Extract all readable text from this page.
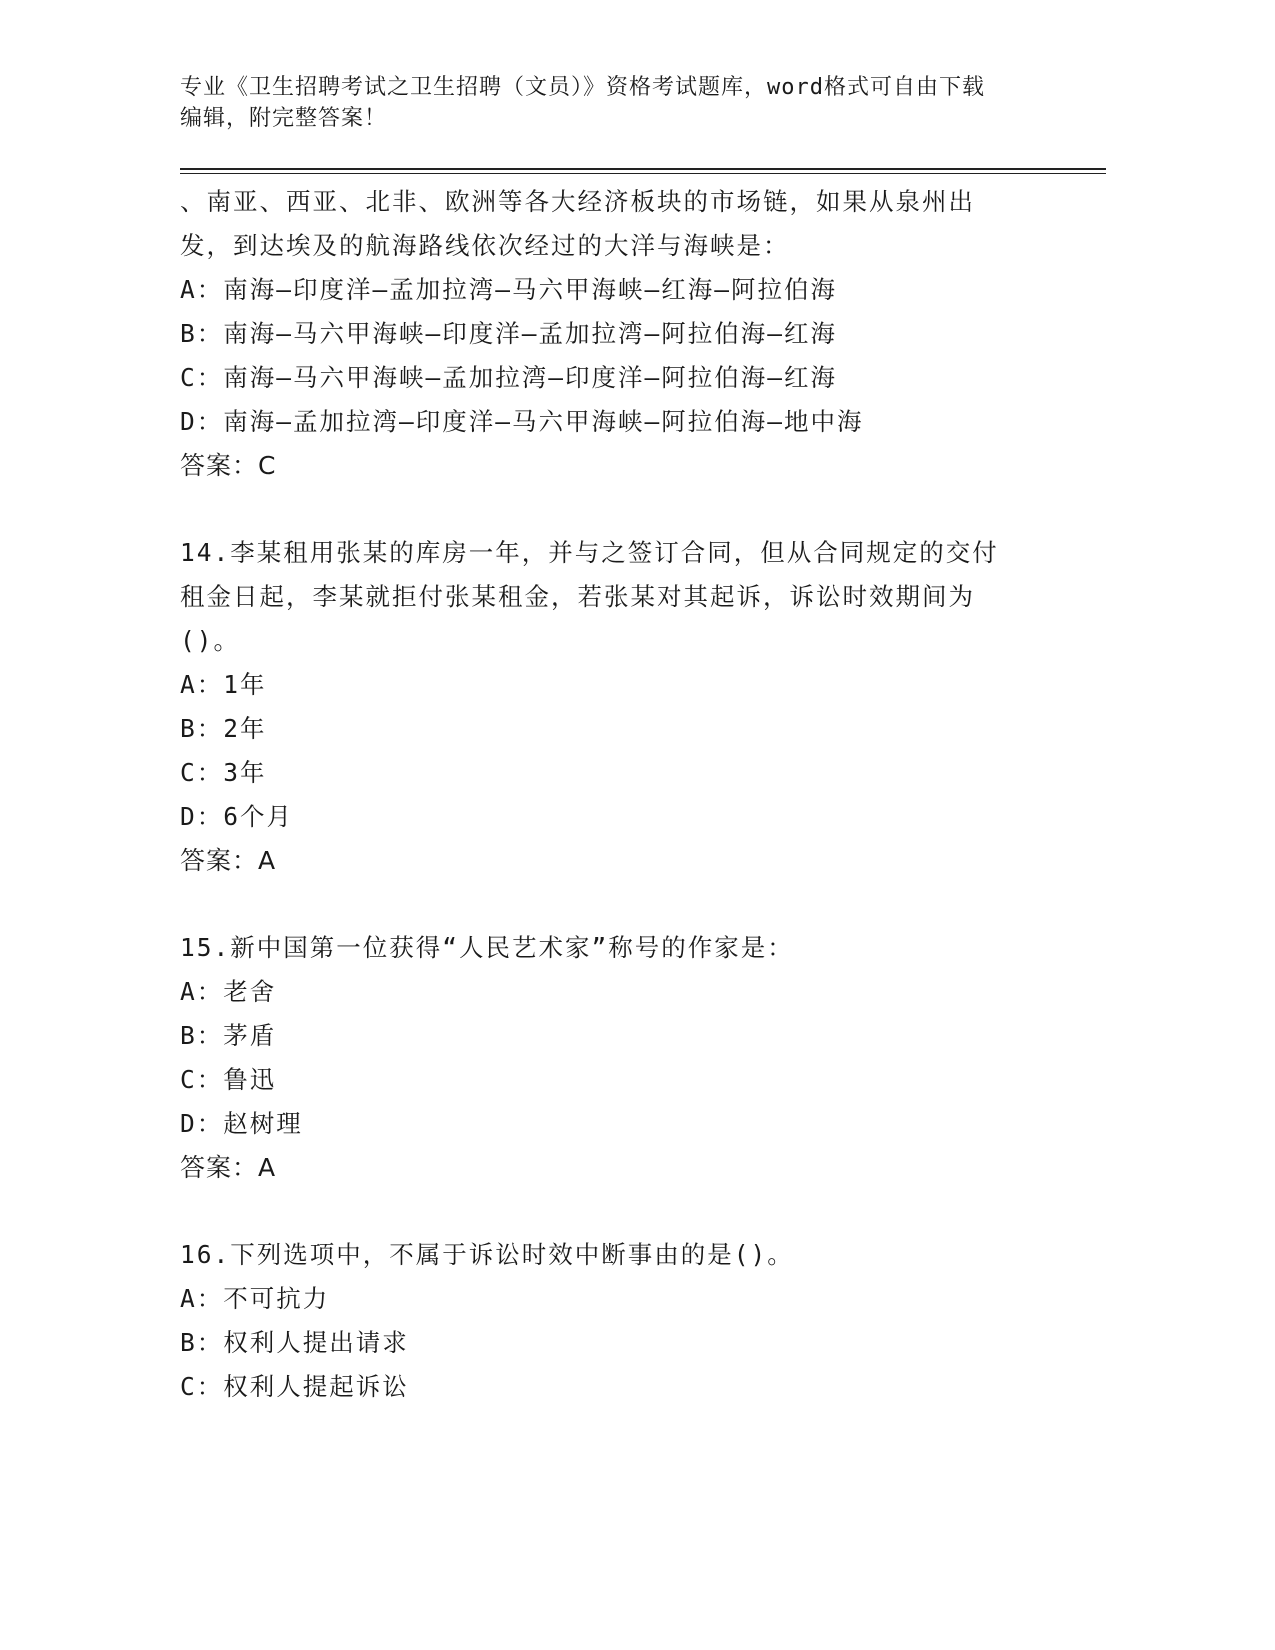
专业《卫生招聘考试之卫生招聘（文员）》资格考试题库，word格式可自由下载
编辑，附完整答案！
、南亚、西亚、北非、欧洲等各大经济板块的市场链，如果从泉州出
发，到达埃及的航海路线依次经过的大洋与海峡是：
A：南海—印度洋—孟加拉湾—马六甲海峡—红海—阿拉伯海
B：南海—马六甲海峡—印度洋—孟加拉湾—阿拉伯海—红海
C：南海—马六甲海峡—孟加拉湾—印度洋—阿拉伯海—红海
D：南海—孟加拉湾—印度洋—马六甲海峡—阿拉伯海—地中海
答案：C
14.李某租用张某的库房一年，并与之签订合同，但从合同规定的交付
租金日起，李某就拒付张某租金，若张某对其起诉，诉讼时效期间为
()。
A：1年
B：2年
C：3年
D：6个月
答案：A
15.新中国第一位获得“人民艺术家”称号的作家是：
A：老舍
B：茅盾
C：鲁迅
D：赵树理
答案：A
16.下列选项中，不属于诉讼时效中断事由的是()。
A：不可抗力
B：权利人提出请求
C：权利人提起诉讼
